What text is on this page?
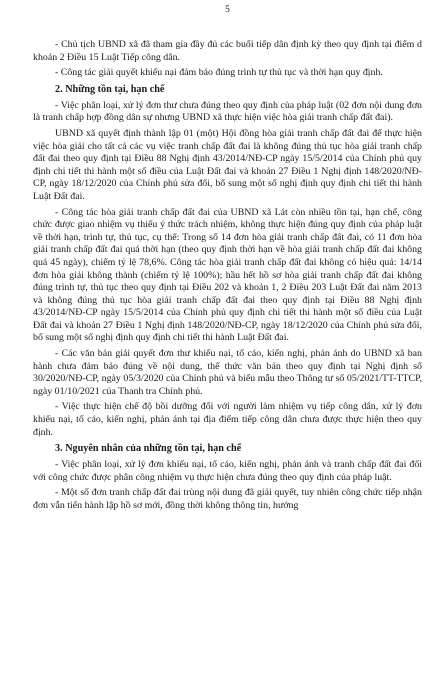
5

- Chủ tịch UBND xã đã tham gia đầy đủ các buổi tiếp dân định kỳ theo quy định tại điểm d khoản 2 Điều 15 Luật Tiếp công dân.

- Công tác giải quyết khiếu nại đảm bảo đúng trình tự thủ tục và thời hạn quy định.

2. Những tồn tại, hạn chế

- Việc phân loại, xử lý đơn thư chưa đúng theo quy định của pháp luật (02 đơn nội dung đơn là tranh chấp hợp đồng dân sự nhưng UBND xã thực hiện việc hòa giải tranh chấp đất đai).

UBND xã quyết định thành lập 01 (một) Hội đồng hòa giải tranh chấp đất đai để thực hiện việc hòa giải cho tất cả các vụ việc tranh chấp đất đai là không đúng thủ tục hòa giải tranh chấp đất đai theo quy định tại Điều 88 Nghị định 43/2014/NĐ-CP ngày 15/5/2014 của Chính phủ quy định chi tiết thi hành một số điều của Luật Đất đai và khoản 27 Điều 1 Nghị định 148/2020/NĐ-CP, ngày 18/12/2020 của Chính phủ sửa đổi, bổ sung một số nghị định quy định chi tiết thi hành Luật Đất đai.

- Công tác hòa giải tranh chấp đất đai của UBND xã Lát còn nhiều tồn tại, hạn chế, công chức được giao nhiệm vụ thiếu ý thức trách nhiệm, không thực hiện đúng quy định của pháp luật về thời hạn, trình tự, thủ tục, cụ thể: Trong số 14 đơn hòa giải tranh chấp đất đai, có 11 đơn hòa giải tranh chấp đất đai quá thời hạn (theo quy định thời hạn về hòa giải tranh chấp đất đai không quá 45 ngày), chiếm tỷ lệ 78,6%. Công tác hòa giải tranh chấp đất đai không có hiệu quả: 14/14 đơn hòa giải không thành (chiếm tỷ lệ 100%); hầu hết hồ sơ hòa giải tranh chấp đất đai không đúng trình tự, thủ tục theo quy định tại Điều 202 và khoản 1, 2 Điều 203 Luật Đất đai năm 2013 và không đúng thủ tục hòa giải tranh chấp đất đai theo quy định tại Điều 88 Nghị định 43/2014/NĐ-CP ngày 15/5/2014 của Chính phủ quy định chi tiết thi hành một số điều của Luật Đất đai và khoản 27 Điều 1 Nghị định 148/2020/NĐ-CP, ngày 18/12/2020 của Chính phủ sửa đổi, bổ sung một số nghị định quy định chi tiết thi hành Luật Đất đai.

- Các văn bản giải quyết đơn thư khiếu nại, tố cáo, kiến nghị, phản ánh do UBND xã ban hành chưa đảm bảo đúng về nội dung, thể thức văn bản theo quy định tại Nghị định số 30/2020/NĐ-CP, ngày 05/3/2020 của Chính phủ và biểu mẫu theo Thông tư số 05/2021/TT-TTCP, ngày 01/10/2021 của Thanh tra Chính phủ.

- Việc thực hiện chế độ bồi dưỡng đối với người làm nhiệm vụ tiếp công dân, xử lý đơn khiếu nại, tố cáo, kiến nghị, phản ánh tại địa điểm tiếp công dân chưa được thực hiện theo quy định.

3. Nguyên nhân của những tồn tại, hạn chế

- Việc phân loại, xử lý đơn khiếu nại, tố cáo, kiến nghị, phản ánh và tranh chấp đất đai đối với công chức được phân công nhiệm vụ thực hiện chưa đúng theo quy định của pháp luật.

- Một số đơn tranh chấp đất đai trùng nội dung đã giải quyết, tuy nhiên công chức tiếp nhận đơn vẫn tiến hành lập hồ sơ mới, đồng thời không thông tin, hướng
